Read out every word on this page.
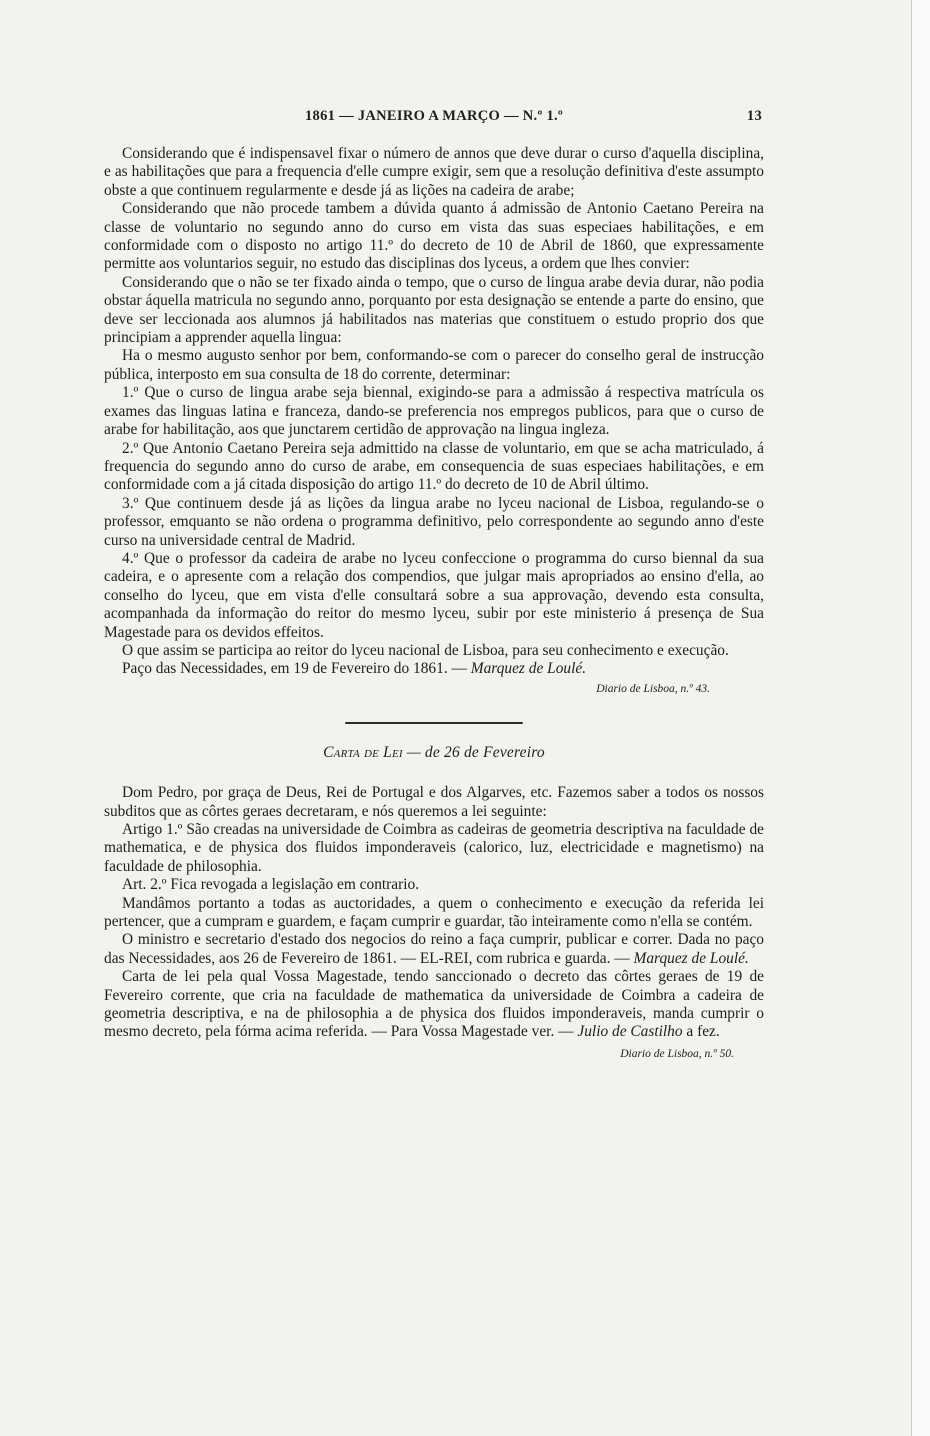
1861 — JANEIRO A MARÇO — N.º 1.º	13

Considerando que é indispensavel fixar o número de annos que deve durar o curso d'aquella disciplina, e as habilitações que para a frequencia d'elle cumpre exigir, sem que a resolução definitiva d'este assumpto obste a que continuem regularmente e desde já as lições na cadeira de arabe;

Considerando que não procede tambem a dúvida quanto á admissão de Antonio Caetano Pereira na classe de voluntario no segundo anno do curso em vista das suas especiaes habilitações, e em conformidade com o disposto no artigo 11.º do decreto de 10 de Abril de 1860, que expressamente permitte aos voluntarios seguir, no estudo das disciplinas dos lyceus, a ordem que lhes convier:

Considerando que o não se ter fixado ainda o tempo, que o curso de lingua arabe devia durar, não podia obstar áquella matricula no segundo anno, porquanto por esta designação se entende a parte do ensino, que deve ser leccionada aos alumnos já habilitados nas materias que constituem o estudo proprio dos que principiam a apprender aquella lingua:

Ha o mesmo augusto senhor por bem, conformando-se com o parecer do conselho geral de instrucção pública, interposto em sua consulta de 18 do corrente, determinar:

1.º Que o curso de lingua arabe seja biennal, exigindo-se para a admissão á respectiva matrícula os exames das linguas latina e franceza, dando-se preferencia nos empregos publicos, para que o curso de arabe for habilitação, aos que junctarem certidão de approvação na lingua ingleza.

2.º Que Antonio Caetano Pereira seja admittido na classe de voluntario, em que se acha matriculado, á frequencia do segundo anno do curso de arabe, em consequencia de suas especiaes habilitações, e em conformidade com a já citada disposição do artigo 11.º do decreto de 10 de Abril último.

3.º Que continuem desde já as lições da lingua arabe no lyceu nacional de Lisboa, regulando-se o professor, emquanto se não ordena o programma definitivo, pelo correspondente ao segundo anno d'este curso na universidade central de Madrid.

4.º Que o professor da cadeira de arabe no lyceu confeccione o programma do curso biennal da sua cadeira, e o apresente com a relação dos compendios, que julgar mais apropriados ao ensino d'ella, ao conselho do lyceu, que em vista d'elle consultará sobre a sua approvação, devendo esta consulta, acompanhada da informação do reitor do mesmo lyceu, subir por este ministerio á presença de Sua Magestade para os devidos effeitos.

O que assim se participa ao reitor do lyceu nacional de Lisboa, para seu conhecimento e execução.

Paço das Necessidades, em 19 de Fevereiro do 1861. — Marquez de Loulé.

Diario de Lisboa, n.º 43.
Carta de Lei — de 26 de Fevereiro

Dom Pedro, por graça de Deus, Rei de Portugal e dos Algarves, etc. Fazemos saber a todos os nossos subditos que as côrtes geraes decretaram, e nós queremos a lei seguinte:

Artigo 1.º São creadas na universidade de Coimbra as cadeiras de geometria descriptiva na faculdade de mathematica, e de physica dos fluidos imponderaveis (calorico, luz, electricidade e magnetismo) na faculdade de philosophia.

Art. 2.º Fica revogada a legislação em contrario.

Mandâmos portanto a todas as auctoridades, a quem o conhecimento e execução da referida lei pertencer, que a cumpram e guardem, e façam cumprir e guardar, tão inteiramente como n'ella se contém.

O ministro e secretario d'estado dos negocios do reino a faça cumprir, publicar e correr. Dada no paço das Necessidades, aos 26 de Fevereiro de 1861. — EL-REI, com rubrica e guarda. — Marquez de Loulé.

Carta de lei pela qual Vossa Magestade, tendo sanccionado o decreto das côrtes geraes de 19 de Fevereiro corrente, que cria na faculdade de mathematica da universidade de Coimbra a cadeira de geometria descriptiva, e na de philosophia a de physica dos fluidos imponderaveis, manda cumprir o mesmo decreto, pela fórma acima referida. — Para Vossa Magestade ver. — Julio de Castilho a fez.
Diario de Lisboa, n.º 50.
